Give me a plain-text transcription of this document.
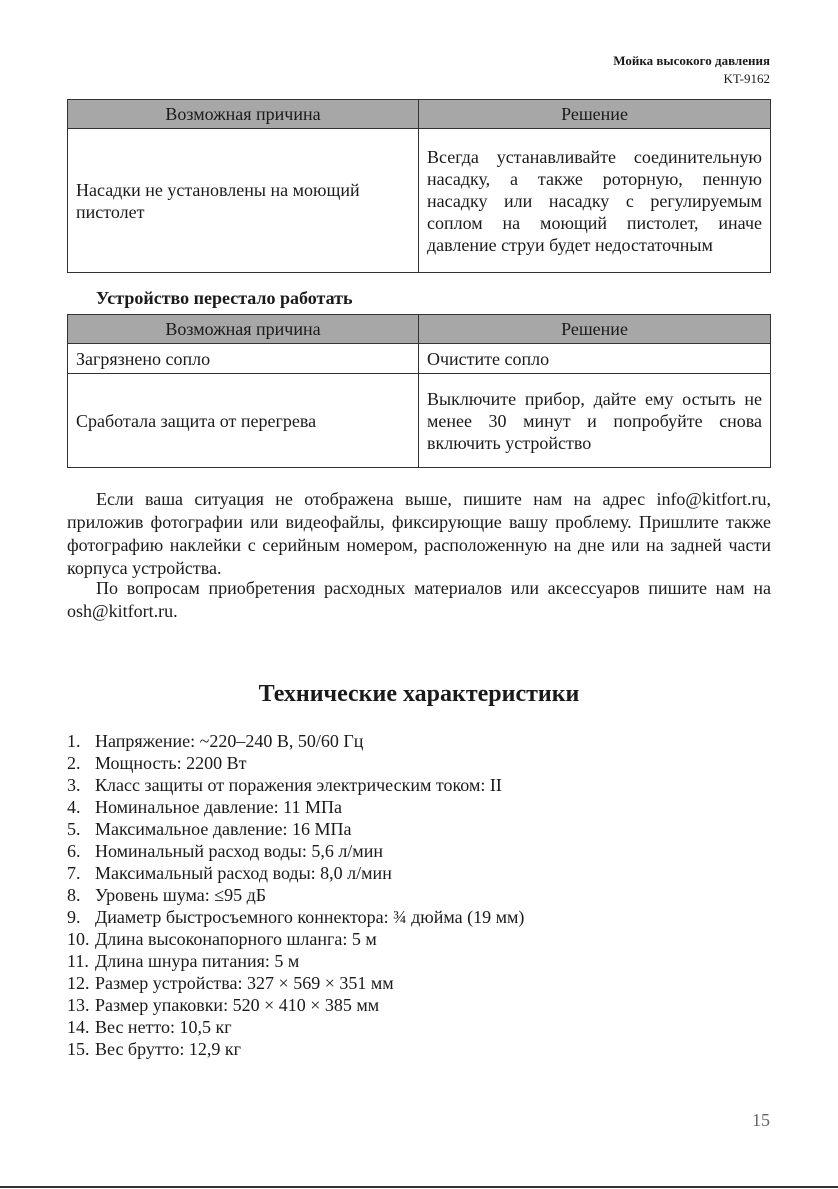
Мойка высокого давления
KT-9162
Возможная причина	Решение
Насадки не установлены на моющий пистолет	Всегда устанавливайте соединительную насадку, а также роторную, пенную насадку или насадку с регулируемым соплом на моющий пистолет, иначе давление струи будет недостаточным
Устройство перестало работать
Возможная причина	Решение
Загрязнено сопло	Очистите сопло
Сработала защита от перегрева	Выключите прибор, дайте ему остыть не менее 30 минут и попробуйте снова включить устройство

Если ваша ситуация не отображена выше, пишите нам на адрес info@kitfort.ru, приложив фотографии или видеофайлы, фиксирующие вашу проблему. Пришлите также фотографию наклейки с серийным номером, расположенную на дне или на задней части корпуса устройства.

По вопросам приобретения расходных материалов или аксессуаров пишите нам на osh@kitfort.ru.

Технические характеристики
1. Напряжение: ~220–240 В, 50/60 Гц
2. Мощность: 2200 Вт
3. Класс защиты от поражения электрическим током: II
4. Номинальное давление: 11 МПа
5. Максимальное давление: 16 МПа
6. Номинальный расход воды: 5,6 л/мин
7. Максимальный расход воды: 8,0 л/мин
8. Уровень шума: ≤95 дБ
9. Диаметр быстросъемного коннектора: ¾ дюйма (19 мм)
10. Длина высоконапорного шланга: 5 м
11. Длина шнура питания: 5 м
12. Размер устройства: 327 × 569 × 351 мм
13. Размер упаковки: 520 × 410 × 385 мм
14. Вес нетто: 10,5 кг
15. Вес брутто: 12,9 кг
15
